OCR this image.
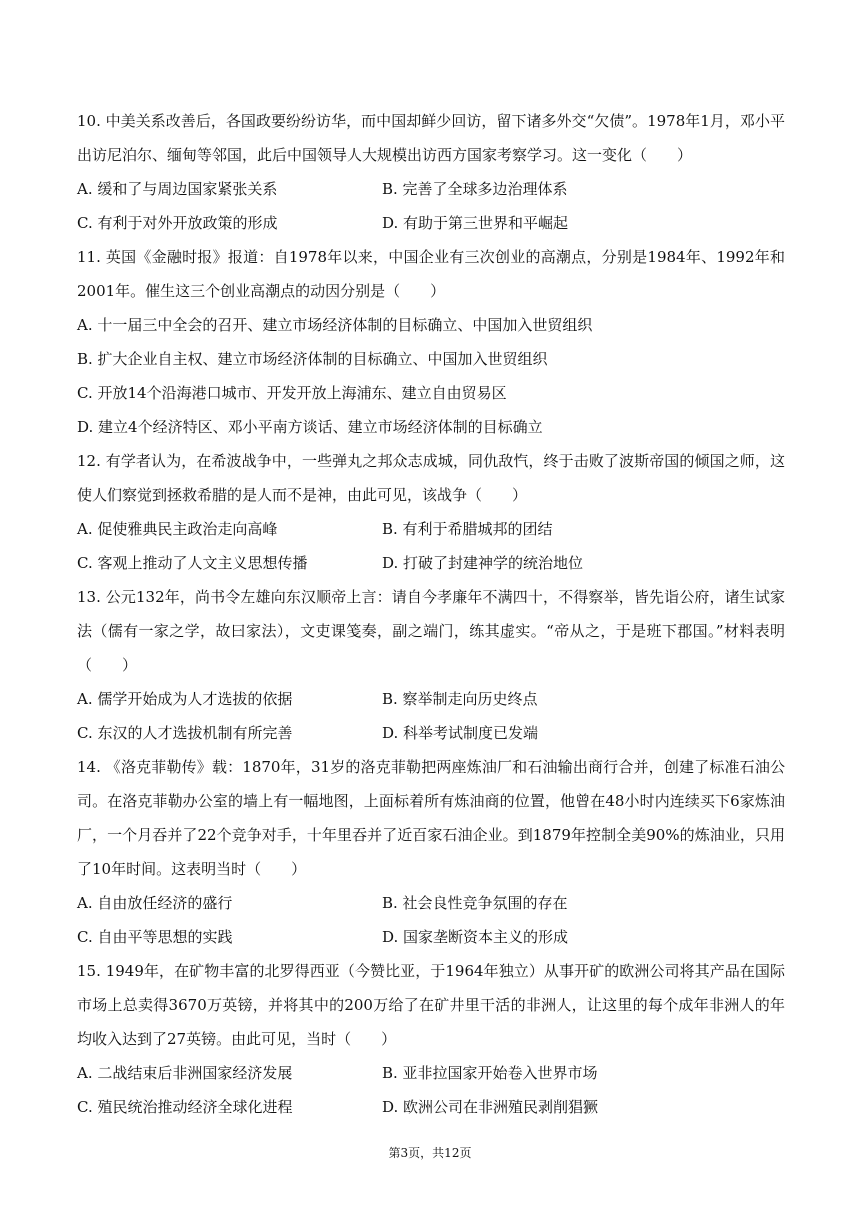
10. 中美关系改善后，各国政要纷纷访华，而中国却鲜少回访，留下诸多外交“欠债”。1978年1月，邓小平出访尼泊尔、缅甸等邻国，此后中国领导人大规模出访西方国家考察学习。这一变化（　　）

A. 缓和了与周边国家紧张关系	B. 完善了全球多边治理体系
C. 有利于对外开放政策的形成	D. 有助于第三世界和平崛起

11. 英国《金融时报》报道：自1978年以来，中国企业有三次创业的高潮点，分别是1984年、1992年和2001年。催生这三个创业高潮点的动因分别是（　　）

A. 十一届三中全会的召开、建立市场经济体制的目标确立、中国加入世贸组织
B. 扩大企业自主权、建立市场经济体制的目标确立、中国加入世贸组织
C. 开放14个沿海港口城市、开发开放上海浦东、建立自由贸易区
D. 建立4个经济特区、邓小平南方谈话、建立市场经济体制的目标确立

12. 有学者认为，在希波战争中，一些弹丸之邦众志成城，同仇敌忾，终于击败了波斯帝国的倾国之师，这使人们察觉到拯救希腊的是人而不是神，由此可见，该战争（　　）

A. 促使雅典民主政治走向高峰	B. 有利于希腊城邦的团结
C. 客观上推动了人文主义思想传播	D. 打破了封建神学的统治地位

13. 公元132年，尚书令左雄向东汉顺帝上言：请自今孝廉年不满四十，不得察举，皆先诣公府，诸生试家法（儒有一家之学，故曰家法），文吏课笺奏，副之端门，练其虚实。“帝从之，于是班下郡国。”材料表明（　　）

A. 儒学开始成为人才选拔的依据	B. 察举制走向历史终点
C. 东汉的人才选拔机制有所完善	D. 科举考试制度已发端

14. 《洛克菲勒传》载：1870年，31岁的洛克菲勒把两座炼油厂和石油输出商行合并，创建了标准石油公司。在洛克菲勒办公室的墙上有一幅地图，上面标着所有炼油商的位置，他曾在48小时内连续买下6家炼油厂，一个月吞并了22个竞争对手，十年里吞并了近百家石油企业。到1879年控制全美90%的炼油业，只用了10年时间。这表明当时（　　）

A. 自由放任经济的盛行	B. 社会良性竞争氛围的存在
C. 自由平等思想的实践	D. 国家垄断资本主义的形成

15. 1949年，在矿物丰富的北罗得西亚（今赞比亚，于1964年独立）从事开矿的欧洲公司将其产品在国际市场上总卖得3670万英镑，并将其中的200万给了在矿井里干活的非洲人，让这里的每个成年非洲人的年均收入达到了27英镑。由此可见，当时（　　）

A. 二战结束后非洲国家经济发展	B. 亚非拉国家开始卷入世界市场
C. 殖民统治推动经济全球化进程	D. 欧洲公司在非洲殖民剥削猖獗
第3页，共12页
